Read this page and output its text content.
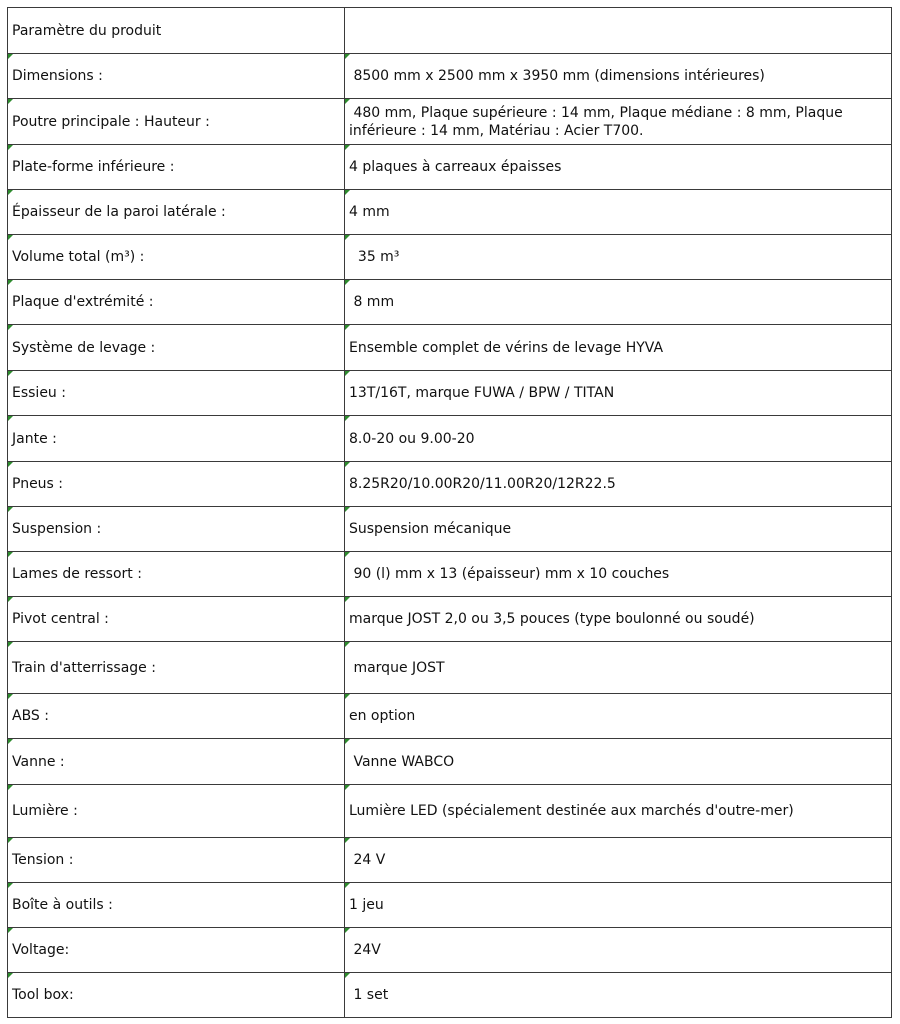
Paramètre du produit	

Dimensions :	8500 mm x 2500 mm x 3950 mm (dimensions intérieures)

Poutre principale : Hauteur :	480 mm, Plaque supérieure : 14 mm, Plaque médiane : 8 mm, Plaque inférieure : 14 mm, Matériau : Acier T700.

Plate-forme inférieure :	4 plaques à carreaux épaisses

Épaisseur de la paroi latérale :	4 mm

Volume total (m³) :	35 m³

Plaque d'extrémité :	8 mm

Système de levage :	Ensemble complet de vérins de levage HYVA

Essieu :	13T/16T, marque FUWA / BPW / TITAN

Jante :	8.0-20 ou 9.00-20

Pneus :	8.25R20/10.00R20/11.00R20/12R22.5

Suspension :	Suspension mécanique

Lames de ressort :	90 (l) mm x 13 (épaisseur) mm x 10 couches

Pivot central :	marque JOST 2,0 ou 3,5 pouces (type boulonné ou soudé)

Train d'atterrissage :	marque JOST

ABS :	en option

Vanne :	Vanne WABCO

Lumière :	Lumière LED (spécialement destinée aux marchés d'outre-mer)

Tension :	24 V

Boîte à outils :	1 jeu

Voltage:	24V

Tool box:	1 set
